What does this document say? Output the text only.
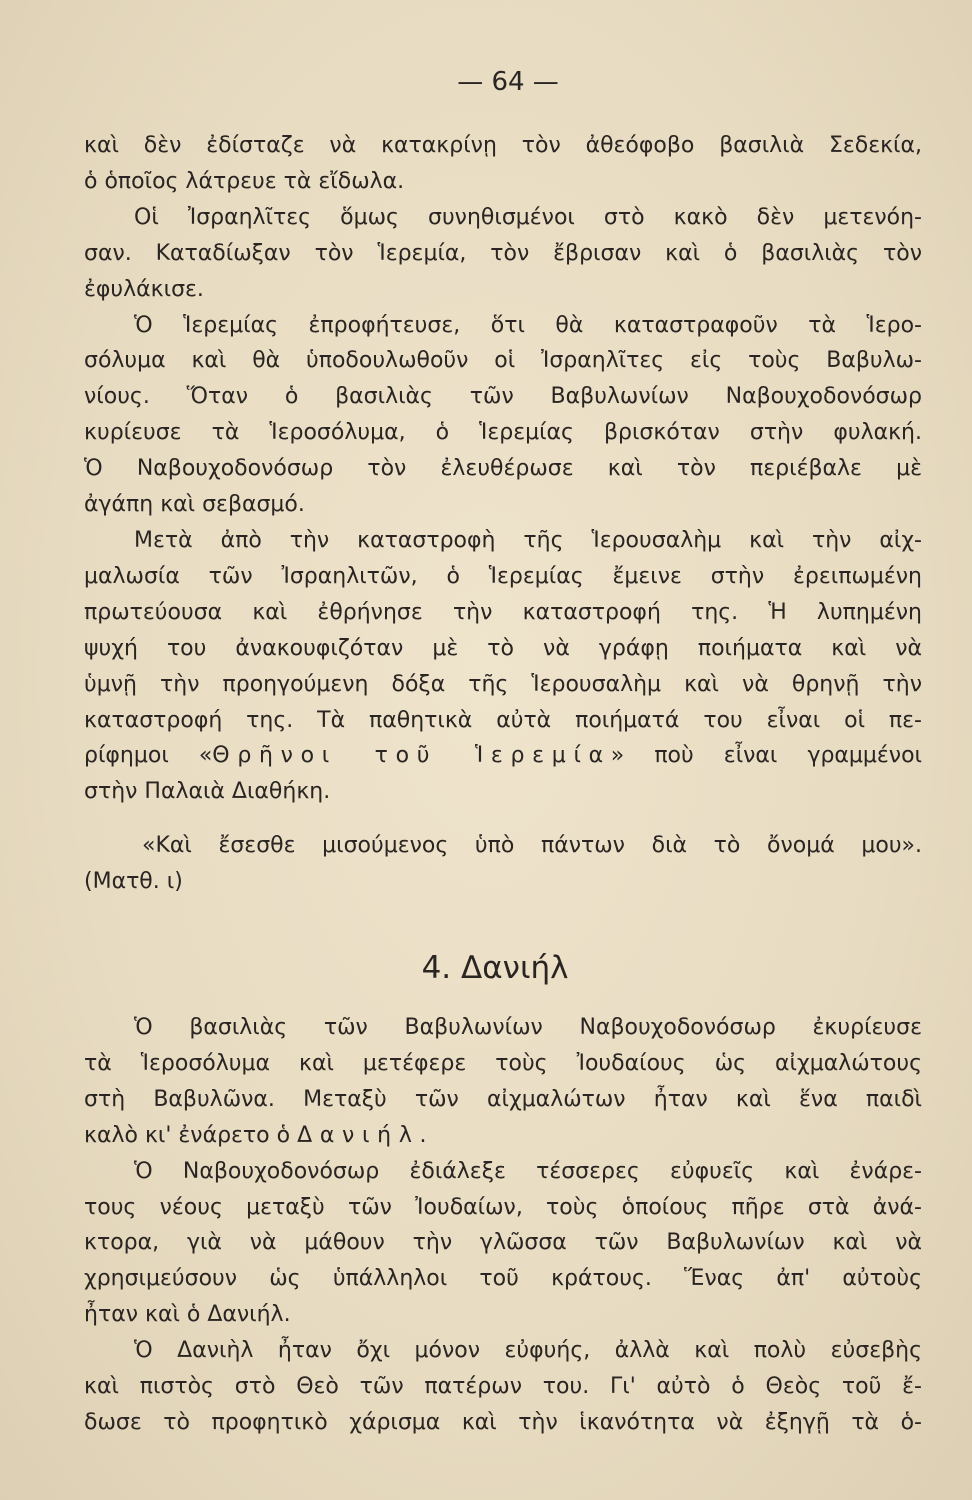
— 64 —

καὶ δὲν ἐδίσταζε νὰ κατακρίνῃ τὸν ἀθεόφοβο βασιλιὰ Σεδεκία,

ὁ ὁποῖος λάτρευε τὰ εἴδωλα.

Οἱ Ἰσραηλῖτες ὅμως συνηθισμένοι στὸ κακὸ δὲν μετενόη-

σαν. Καταδίωξαν τὸν Ἱερεμία, τὸν ἔβρισαν καὶ ὁ βασιλιὰς τὸν

ἐφυλάκισε.

Ὁ Ἱερεμίας ἐπροφήτευσε, ὅτι θὰ καταστραφοῦν τὰ Ἱερο-

σόλυμα καὶ θὰ ὑποδουλωθοῦν οἱ Ἰσραηλῖτες εἰς τοὺς Βαβυλω-

νίους. Ὅταν ὁ βασιλιὰς τῶν Βαβυλωνίων Ναβουχοδονόσωρ

κυρίευσε τὰ Ἱεροσόλυμα, ὁ Ἱερεμίας βρισκόταν στὴν φυλακή.

Ὁ Ναβουχοδονόσωρ τὸν ἐλευθέρωσε καὶ τὸν περιέβαλε μὲ

ἀγάπη καὶ σεβασμό.

Μετὰ ἀπὸ τὴν καταστροφὴ τῆς Ἱερουσαλὴμ καὶ τὴν αἰχ-

μαλωσία τῶν Ἰσραηλιτῶν, ὁ Ἱερεμίας ἔμεινε στὴν ἐρειπωμένη

πρωτεύουσα καὶ ἐθρήνησε τὴν καταστροφή της. Ἡ λυπημένη

ψυχή του ἀνακουφιζόταν μὲ τὸ νὰ γράφῃ ποιήματα καὶ νὰ

ὑμνῇ τὴν προηγούμενη δόξα τῆς Ἱερουσαλὴμ καὶ νὰ θρηνῇ τὴν

καταστροφή της. Τὰ παθητικὰ αὐτὰ ποιήματά του εἶναι οἱ πε-

ρίφημοι «Θρῆνοι τοῦ Ἱερεμία» ποὺ εἶναι γραμμένοι

στὴν Παλαιὰ Διαθήκη.

«Καὶ ἔσεσθε μισούμενος ὑπὸ πάντων διὰ τὸ ὄνομά μου».

(Ματθ. ι)

4. Δανιήλ

Ὁ βασιλιὰς τῶν Βαβυλωνίων Ναβουχοδονόσωρ ἐκυρίευσε

τὰ Ἱεροσόλυμα καὶ μετέφερε τοὺς Ἰουδαίους ὡς αἰχμαλώτους

στὴ Βαβυλῶνα. Μεταξὺ τῶν αἰχμαλώτων ἦταν καὶ ἕνα παιδὶ

καλὸ κι' ἐνάρετο ὁ Δανιήλ.

Ὁ Ναβουχοδονόσωρ ἐδιάλεξε τέσσερες εὐφυεῖς καὶ ἐνάρε-

τους νέους μεταξὺ τῶν Ἰουδαίων, τοὺς ὁποίους πῆρε στὰ ἀνά-

κτορα, γιὰ νὰ μάθουν τὴν γλῶσσα τῶν Βαβυλωνίων καὶ νὰ

χρησιμεύσουν ὡς ὑπάλληλοι τοῦ κράτους. Ἕνας ἀπ' αὐτοὺς

ἦταν καὶ ὁ Δανιήλ.

Ὁ Δανιὴλ ἦταν ὄχι μόνον εὐφυής, ἀλλὰ καὶ πολὺ εὐσεβὴς

καὶ πιστὸς στὸ Θεὸ τῶν πατέρων του. Γι' αὐτὸ ὁ Θεὸς τοῦ ἔ-

δωσε τὸ προφητικὸ χάρισμα καὶ τὴν ἱκανότητα νὰ ἐξηγῇ τὰ ὁ-
